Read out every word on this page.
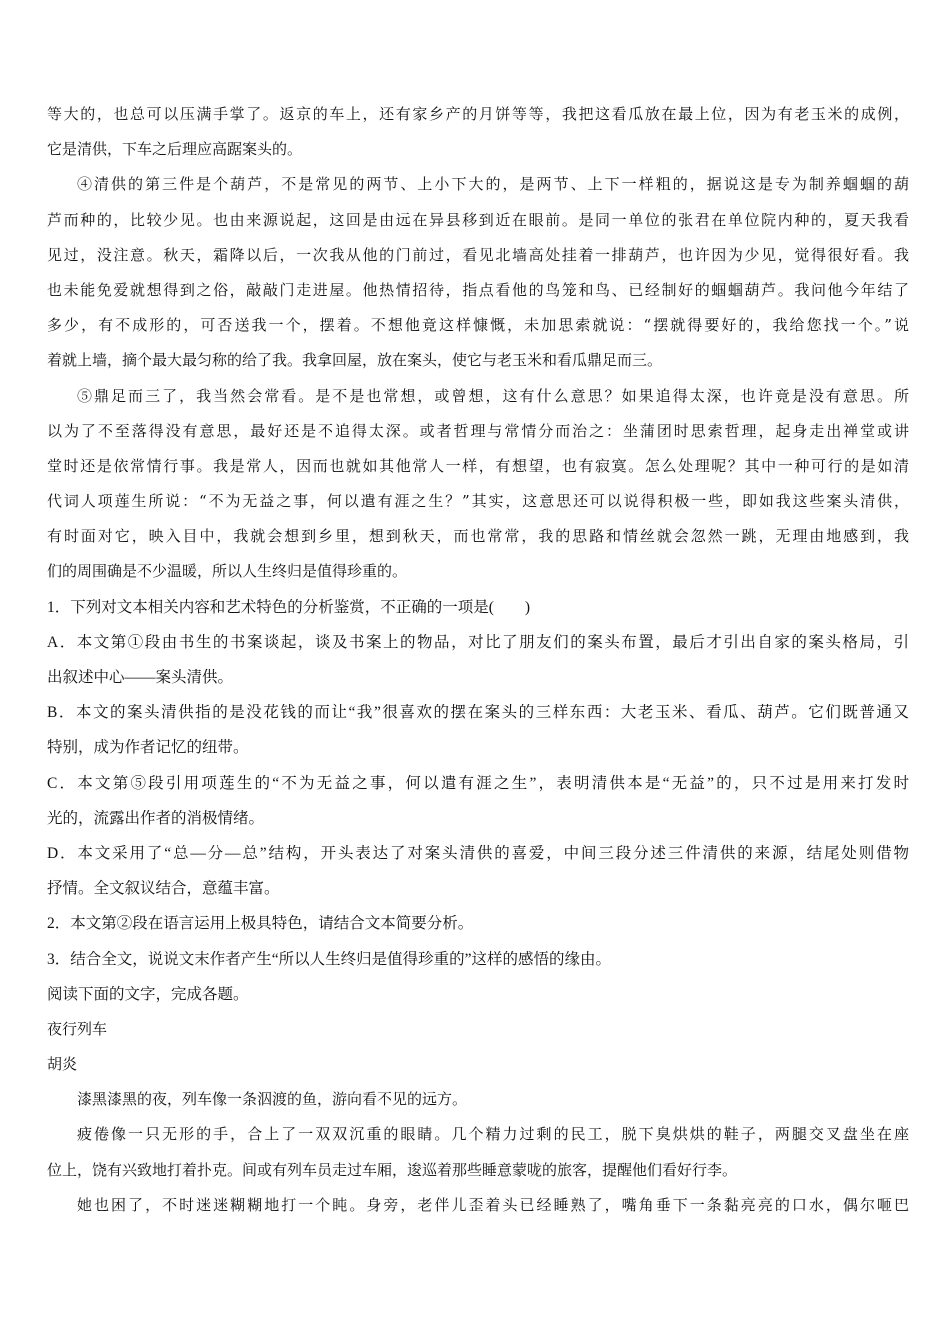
等大的，也总可以压满手掌了。返京的车上，还有家乡产的月饼等等，我把这看瓜放在最上位，因为有老玉米的成例，
它是清供，下车之后理应高踞案头的。
④清供的第三件是个葫芦，不是常见的两节、上小下大的，是两节、上下一样粗的，据说这是专为制养蝈蝈的葫
芦而种的，比较少见。也由来源说起，这回是由远在异县移到近在眼前。是同一单位的张君在单位院内种的，夏天我看
见过，没注意。秋天，霜降以后，一次我从他的门前过，看见北墙高处挂着一排葫芦，也许因为少见，觉得很好看。我
也未能免爱就想得到之俗，敲敲门走进屋。他热情招待，指点看他的鸟笼和鸟、已经制好的蝈蝈葫芦。我问他今年结了
多少，有不成形的，可否送我一个，摆着。不想他竟这样慷慨，未加思索就说：“摆就得要好的，我给您找一个。”说
着就上墙，摘个最大最匀称的给了我。我拿回屋，放在案头，使它与老玉米和看瓜鼎足而三。
⑤鼎足而三了，我当然会常看。是不是也常想，或曾想，这有什么意思？如果追得太深，也许竟是没有意思。所
以为了不至落得没有意思，最好还是不追得太深。或者哲理与常情分而治之：坐蒲团时思索哲理，起身走出禅堂或讲
堂时还是依常情行事。我是常人，因而也就如其他常人一样，有想望，也有寂寞。怎么处理呢？其中一种可行的是如清
代词人项莲生所说：“不为无益之事，何以遣有涯之生？”其实，这意思还可以说得积极一些，即如我这些案头清供，
有时面对它，映入目中，我就会想到乡里，想到秋天，而也常常，我的思路和情丝就会忽然一跳，无理由地感到，我
们的周围确是不少温暖，所以人生终归是值得珍重的。
1．下列对文本相关内容和艺术特色的分析鉴赏，不正确的一项是(　　)
A．本文第①段由书生的书案谈起，谈及书案上的物品，对比了朋友们的案头布置，最后才引出自家的案头格局，引
出叙述中心——案头清供。
B．本文的案头清供指的是没花钱的而让“我”很喜欢的摆在案头的三样东西：大老玉米、看瓜、葫芦。它们既普通又
特别，成为作者记忆的纽带。
C．本文第⑤段引用项莲生的“不为无益之事，何以遣有涯之生”，表明清供本是“无益”的，只不过是用来打发时
光的，流露出作者的消极情绪。
D．本文采用了“总—分—总”结构，开头表达了对案头清供的喜爱，中间三段分述三件清供的来源，结尾处则借物
抒情。全文叙议结合，意蕴丰富。
2．本文第②段在语言运用上极具特色，请结合文本简要分析。
3．结合全文，说说文末作者产生“所以人生终归是值得珍重的”这样的感悟的缘由。
阅读下面的文字，完成各题。
夜行列车
胡炎
漆黑漆黑的夜，列车像一条泅渡的鱼，游向看不见的远方。
疲倦像一只无形的手，合上了一双双沉重的眼睛。几个精力过剩的民工，脱下臭烘烘的鞋子，两腿交叉盘坐在座
位上，饶有兴致地打着扑克。间或有列车员走过车厢，逡巡着那些睡意蒙咙的旅客，提醒他们看好行李。
她也困了，不时迷迷糊糊地打一个盹。身旁，老伴儿歪着头已经睡熟了，嘴角垂下一条黏亮亮的口水，偶尔咂巴
